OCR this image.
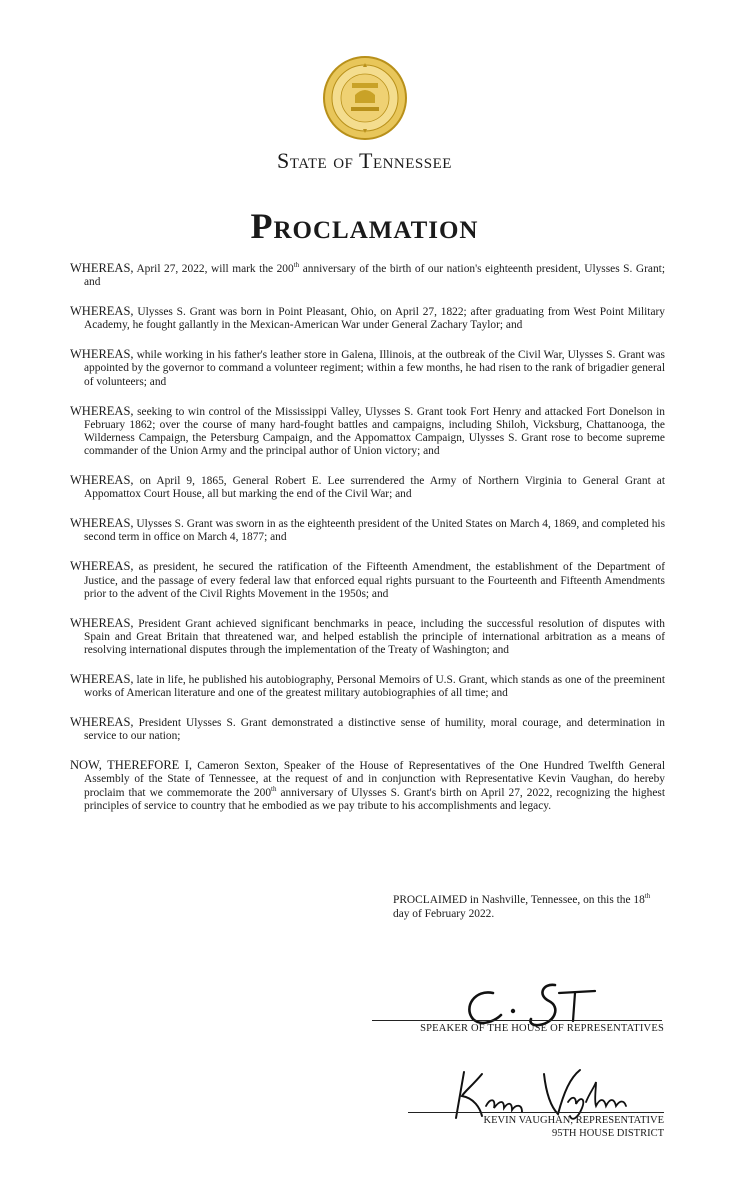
State of Tennessee
Proclamation

WHEREAS, April 27, 2022, will mark the 200th anniversary of the birth of our nation's eighteenth president, Ulysses S. Grant; and

WHEREAS, Ulysses S. Grant was born in Point Pleasant, Ohio, on April 27, 1822; after graduating from West Point Military Academy, he fought gallantly in the Mexican-American War under General Zachary Taylor; and

WHEREAS, while working in his father's leather store in Galena, Illinois, at the outbreak of the Civil War, Ulysses S. Grant was appointed by the governor to command a volunteer regiment; within a few months, he had risen to the rank of brigadier general of volunteers; and

WHEREAS, seeking to win control of the Mississippi Valley, Ulysses S. Grant took Fort Henry and attacked Fort Donelson in February 1862; over the course of many hard-fought battles and campaigns, including Shiloh, Vicksburg, Chattanooga, the Wilderness Campaign, the Petersburg Campaign, and the Appomattox Campaign, Ulysses S. Grant rose to become supreme commander of the Union Army and the principal author of Union victory; and

WHEREAS, on April 9, 1865, General Robert E. Lee surrendered the Army of Northern Virginia to General Grant at Appomattox Court House, all but marking the end of the Civil War; and

WHEREAS, Ulysses S. Grant was sworn in as the eighteenth president of the United States on March 4, 1869, and completed his second term in office on March 4, 1877; and

WHEREAS, as president, he secured the ratification of the Fifteenth Amendment, the establishment of the Department of Justice, and the passage of every federal law that enforced equal rights pursuant to the Fourteenth and Fifteenth Amendments prior to the advent of the Civil Rights Movement in the 1950s; and

WHEREAS, President Grant achieved significant benchmarks in peace, including the successful resolution of disputes with Spain and Great Britain that threatened war, and helped establish the principle of international arbitration as a means of resolving international disputes through the implementation of the Treaty of Washington; and

WHEREAS, late in life, he published his autobiography, Personal Memoirs of U.S. Grant, which stands as one of the preeminent works of American literature and one of the greatest military autobiographies of all time; and

WHEREAS, President Ulysses S. Grant demonstrated a distinctive sense of humility, moral courage, and determination in service to our nation;

NOW, THEREFORE I, Cameron Sexton, Speaker of the House of Representatives of the One Hundred Twelfth General Assembly of the State of Tennessee, at the request of and in conjunction with Representative Kevin Vaughan, do hereby proclaim that we commemorate the 200th anniversary of Ulysses S. Grant's birth on April 27, 2022, recognizing the highest principles of service to country that he embodied as we pay tribute to his accomplishments and legacy.

PROCLAIMED in Nashville, Tennessee, on this the 18th day of February 2022.
SPEAKER OF THE HOUSE OF REPRESENTATIVES
KEVIN VAUGHAN, REPRESENTATIVE
95TH HOUSE DISTRICT
